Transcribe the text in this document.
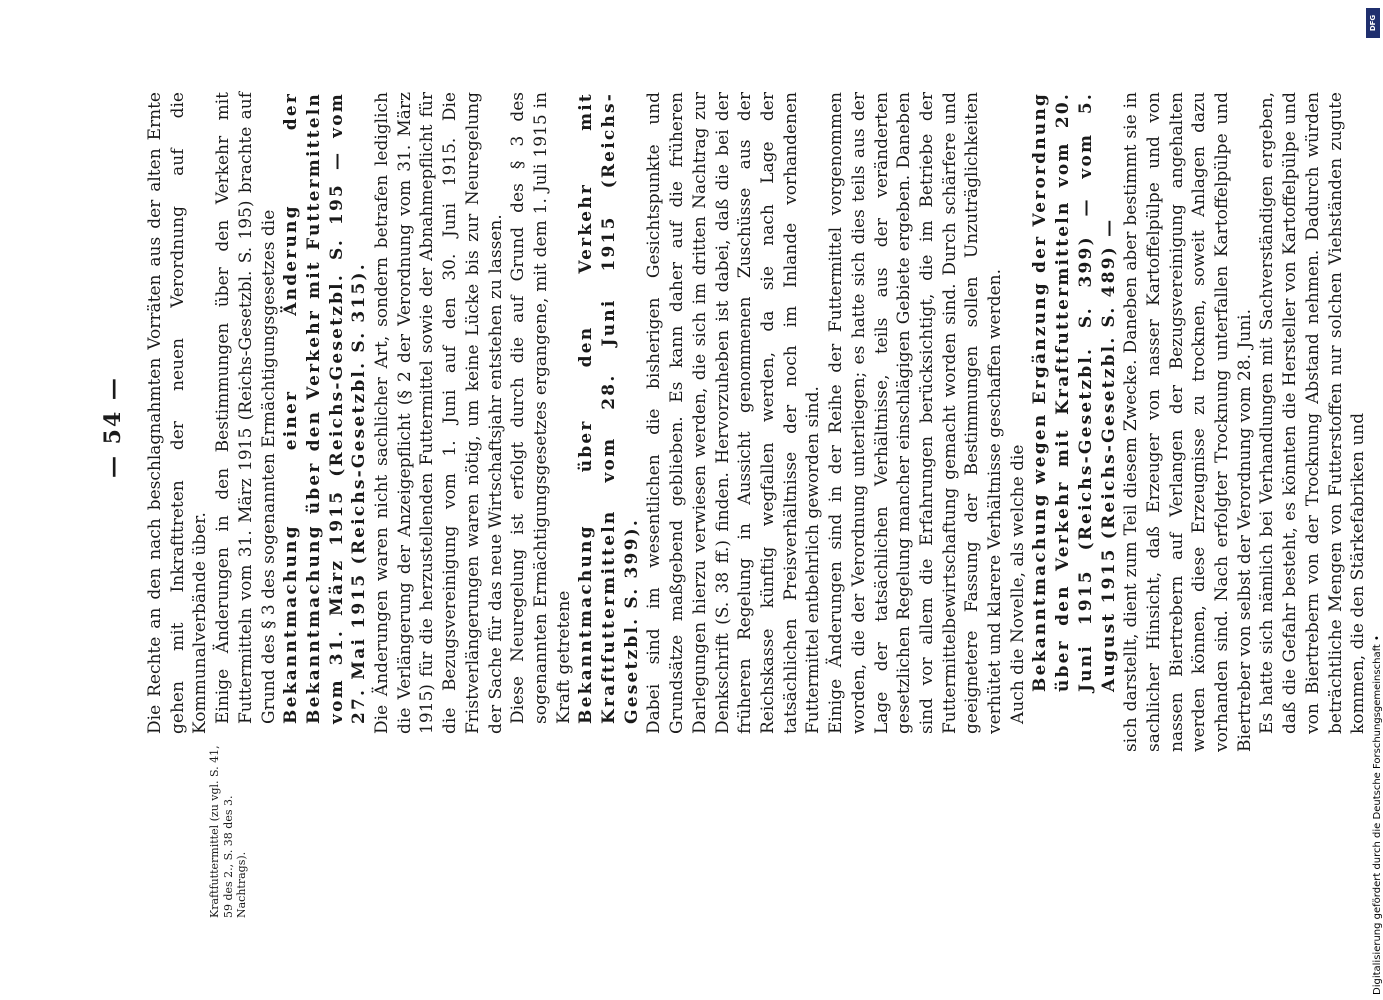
— 54 —
Kraftfuttermittel (zu vgl. S. 41, 59 des 2., S. 38 des 3. Nachtrags).

Die Rechte an den nach beschlagnahmten Vorräten aus der alten Ernte gehen mit Inkrafttreten der neuen Verordnung auf die Kommunalverbände über. Einige Änderungen in den Bestimmungen über den Verkehr mit Futtermitteln vom 31. März 1915 (Reichs-Gesetzbl. S. 195) brachte auf Grund des § 3 des sogenannten Ermächtigungsgesetzes die Bekanntmachung einer Änderung der Bekanntmachung über den Verkehr mit Futtermitteln vom 31. März 1915 (Reichs-Gesetzbl. S. 195 — vom 27. Mai 1915 (Reichs-Gesetzbl. S. 315). Die Änderungen waren nicht sachlicher Art, sondern betrafen lediglich die Verlängerung der Anzeigepflicht (§ 2 der Verordnung vom 31. März 1915) für die herzustellenden Futtermittel sowie der Abnahmepflicht für die Bezugsvereinigung vom 1. Juni auf den 30. Juni 1915. Die Fristverlängerungen waren nötig, um keine Lücke bis zur Neuregelung der Sache für das neue Wirtschaftsjahr entstehen zu lassen. Diese Neuregelung ist erfolgt durch die auf Grund des § 3 des sogenannten Ermächtigungsgesetzes ergangene, mit dem 1. Juli 1915 in Kraft getretene Bekanntmachung über den Verkehr mit Kraftfuttermitteln vom 28. Juni 1915 (Reichs-Gesetzbl. S. 399). Dabei sind im wesentlichen die bisherigen Gesichtspunkte und Grundsätze maßgebend geblieben. Es kann daher auf die früheren Darlegungen hierzu verwiesen werden, die sich im dritten Nachtrag zur Denkschrift (S. 38 ff.) finden. Hervorzuheben ist dabei, daß die bei der früheren Regelung in Aussicht genommenen Zuschüsse aus der Reichskasse künftig wegfallen werden, da sie nach Lage der tatsächlichen Preisverhältnisse der noch im Inlande vorhandenen Futtermittel entbehrlich geworden sind. Einige Änderungen sind in der Reihe der Futtermittel vorgenommen worden, die der Verordnung unterliegen; es hatte sich dies teils aus der Lage der tatsächlichen Verhältnisse, teils aus der veränderten gesetzlichen Regelung mancher einschlägigen Gebiete ergeben. Daneben sind vor allem die Erfahrungen berücksichtigt, die im Betriebe der Futtermittelbewirtschaftung gemacht worden sind. Durch schärfere und geeignetere Fassung der Bestimmungen sollen Unzuträglichkeiten verhütet und klarere Verhältnisse geschaffen werden. Auch die Novelle, als welche die Bekanntmachung wegen Ergänzung der Verordnung über den Verkehr mit Kraftfuttermitteln vom 20. Juni 1915 (Reichs-Gesetzbl. S. 399) — vom 5. August 1915 (Reichs-Gesetzbl. S. 489) — sich darstellt, dient zum Teil diesem Zwecke. Daneben aber bestimmt sie in sachlicher Hinsicht, daß Erzeuger von nasser Kartoffelpülpe und von nassen Biertrebern auf Verlangen der Bezugsvereinigung angehalten werden können, diese Erzeugnisse zu trocknen, soweit Anlagen dazu vorhanden sind. Nach erfolgter Trocknung unterfallen Kartoffelpülpe und Biertreber von selbst der Verordnung vom 28. Juni. Es hatte sich nämlich bei Verhandlungen mit Sachverständigen ergeben, daß die Gefahr besteht, es könnten die Hersteller von Kartoffelpülpe und von Biertrebern von der Trocknung Abstand nehmen. Dadurch würden beträchtliche Mengen von Futterstoffen nur solchen Viehständen zugute kommen, die den Stärkefabriken und

Digitalisierung gefördert durch die Deutsche Forschungsgemeinschaft •
DFG
